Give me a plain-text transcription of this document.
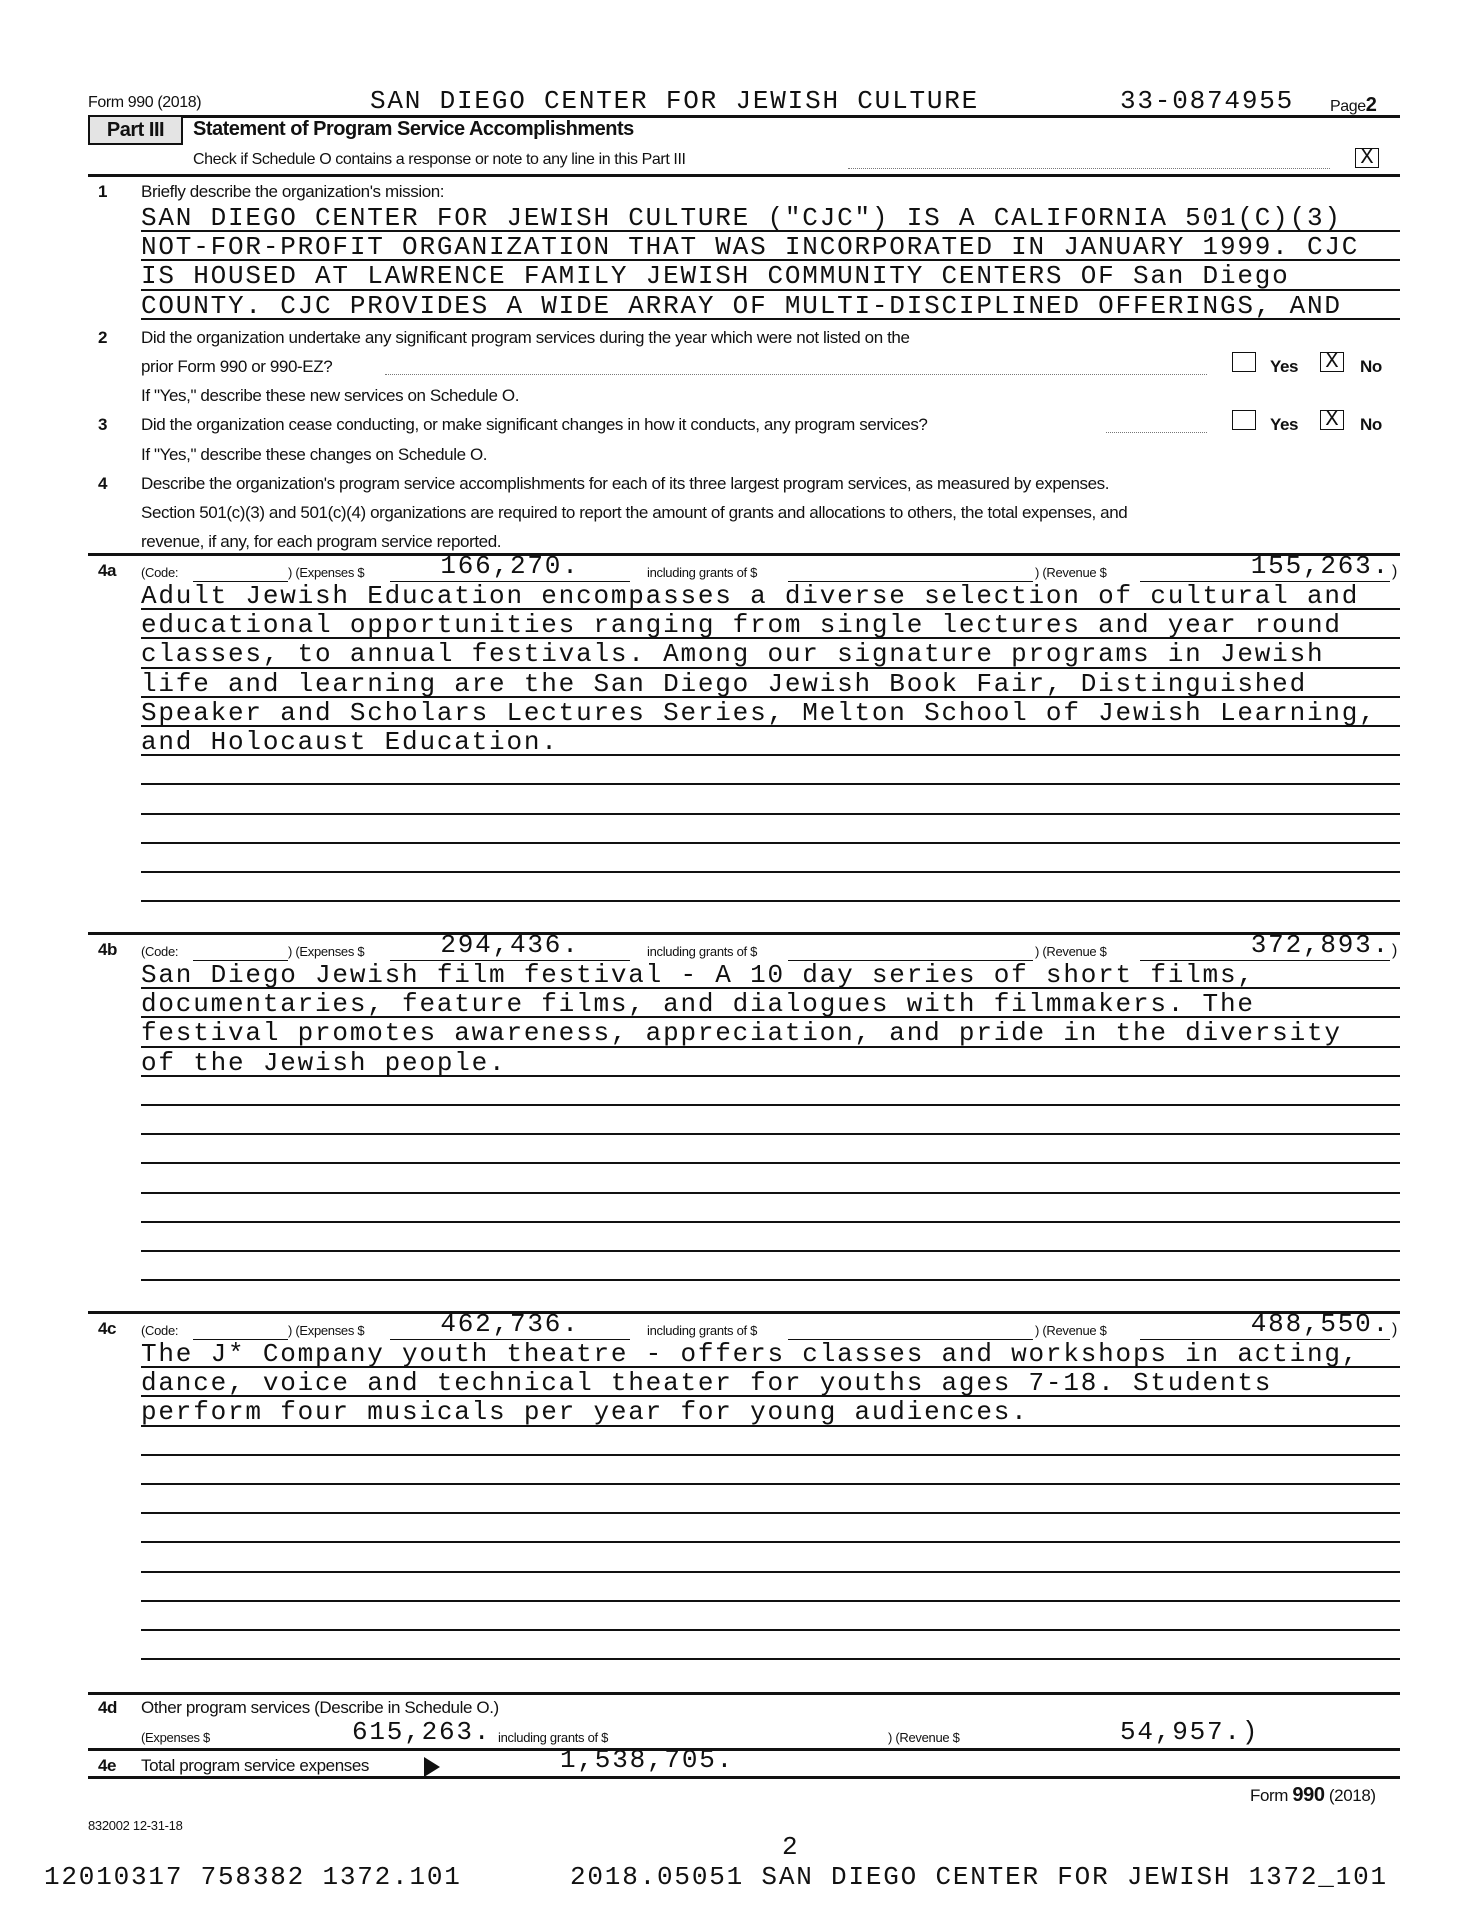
Form 990 (2018)	SAN DIEGO CENTER FOR JEWISH CULTURE	33-0874955 Page2
Part III	Statement of Program Service Accomplishments
Check if Schedule O contains a response or note to any line in this Part III	X
1 Briefly describe the organization's mission:
SAN DIEGO CENTER FOR JEWISH CULTURE ("CJC") IS A CALIFORNIA 501(C)(3)
NOT-FOR-PROFIT ORGANIZATION THAT WAS INCORPORATED IN JANUARY 1999. CJC
IS HOUSED AT LAWRENCE FAMILY JEWISH COMMUNITY CENTERS OF San Diego
COUNTY. CJC PROVIDES A WIDE ARRAY OF MULTI-DISCIPLINED OFFERINGS, AND
2 Did the organization undertake any significant program services during the year which were not listed on the
prior Form 990 or 990-EZ?	Yes X	No
If "Yes," describe these new services on Schedule O.
3 Did the organization cease conducting, or make significant changes in how it conducts, any program services?	Yes X	No
If "Yes," describe these changes on Schedule O.
4 Describe the organization's program service accomplishments for each of its three largest program services, as measured by expenses.
Section 501(c)(3) and 501(c)(4) organizations are required to report the amount of grants and allocations to others, the total expenses, and
revenue, if any, for each program service reported.
4a (Code:	) (Expenses $	166,270.	including grants of $	) (Revenue $	155,263. )
Adult Jewish Education encompasses a diverse selection of cultural and
educational opportunities ranging from single lectures and year round
classes, to annual festivals. Among our signature programs in Jewish
life and learning are the San Diego Jewish Book Fair, Distinguished
Speaker and Scholars Lectures Series, Melton School of Jewish Learning,
and Holocaust Education.
4b (Code:	) (Expenses $	294,436.	including grants of $	) (Revenue $	372,893. )
San Diego Jewish film festival - A 10 day series of short films,
documentaries, feature films, and dialogues with filmmakers. The
festival promotes awareness, appreciation, and pride in the diversity
of the Jewish people.
4c (Code:	) (Expenses $	462,736.	including grants of $	) (Revenue $	488,550. )
The J* Company youth theatre - offers classes and workshops in acting,
dance, voice and technical theater for youths ages 7-18. Students
perform four musicals per year for young audiences.
4d Other program services (Describe in Schedule O.)
(Expenses $	615,263. including grants of $	) (Revenue $	54,957.)
4e Total program service expenses	1,538,705.
Form 990 (2018)
832002 12-31-18
2
12010317 758382 1372.101	2018.05051 SAN DIEGO CENTER FOR JEWISH 1372_101
